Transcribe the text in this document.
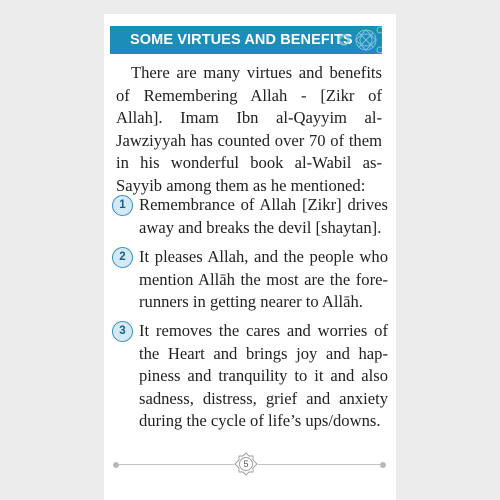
SOME VIRTUES AND BENEFITS

There are many virtues and benefits of Remembering Allah - [Zikr of Allah]. Imam Ibn al-Qayyim al-Jawziyyah has counted over 70 of them in his wonderful book al-Wabil as-Sayyib among them as he mentioned:

1 Remembrance of Allah [Zikr] drives away and breaks the devil [shaytan].

2 It pleases Allah, and the people who mention Allāh the most are the fore-runners in getting nearer to Allāh.

3 It removes the cares and worries of the Heart and brings joy and hap-piness and tranquility to it and also sadness, distress, grief and anxiety during the cycle of life’s ups/downs.

5
